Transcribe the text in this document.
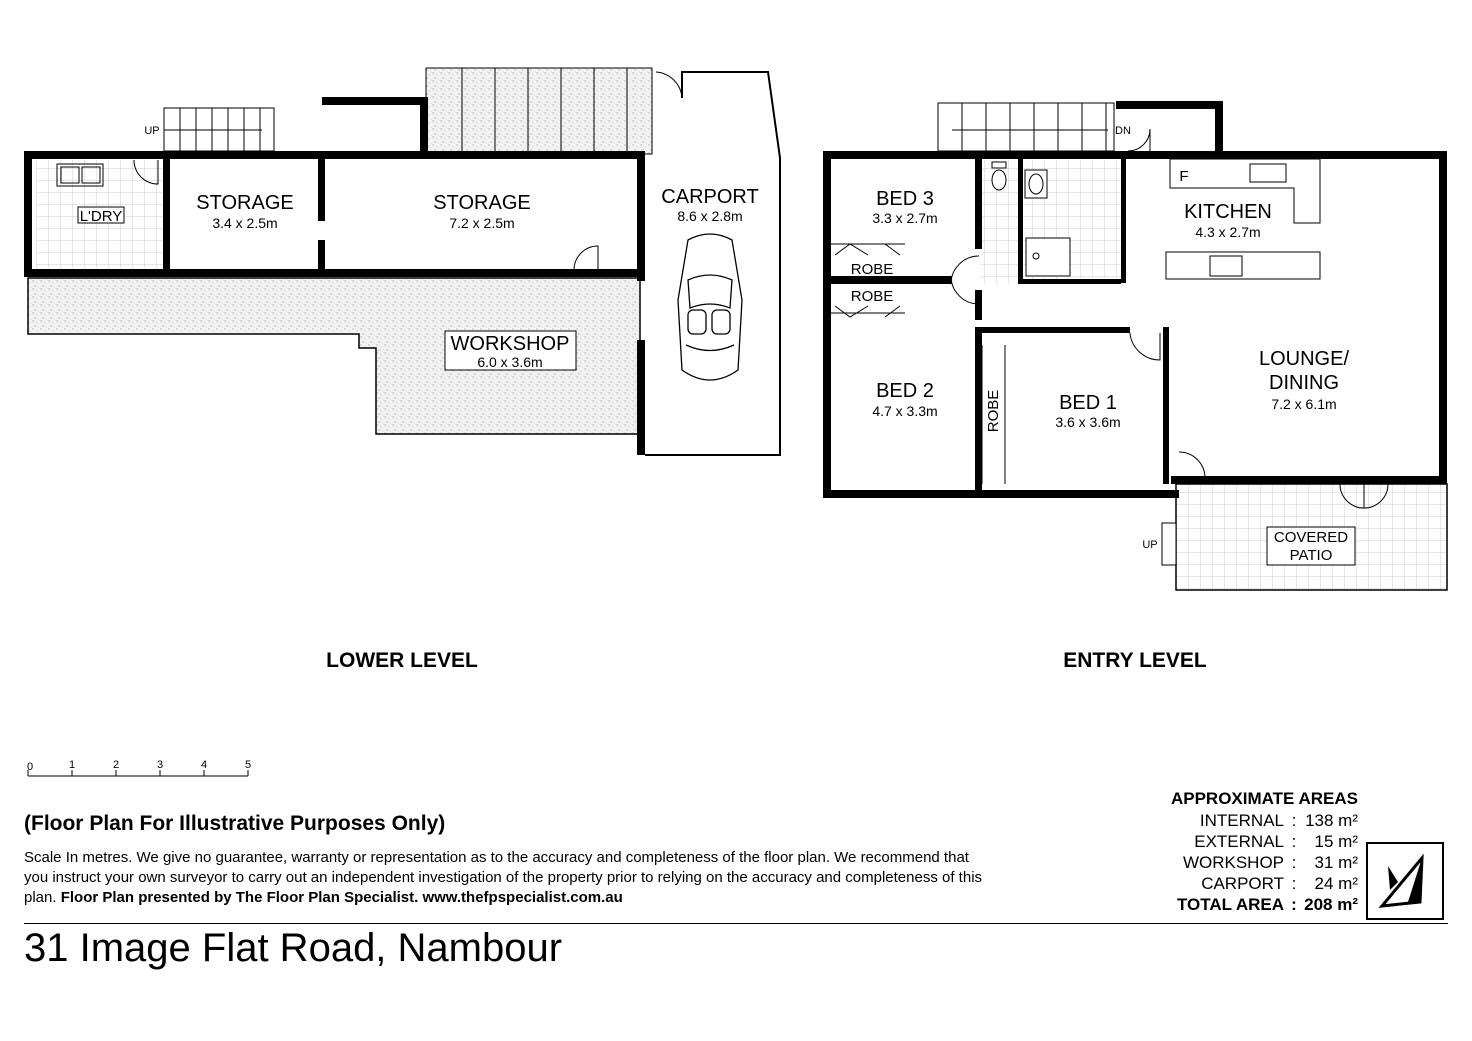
UP
L'DRY
STORAGE
3.4 x 2.5m
STORAGE
7.2 x 2.5m
CARPORT
8.6 x 2.8m
WORKSHOP
6.0 x 3.6m
LOWER LEVEL
ROBE
ROBE
ROBE
F
DN
UP
BED 3
3.3 x 2.7m	KITCHEN
4.3 x 2.7m
BED 2
4.7 x 3.3m	BED 1
3.6 x 3.6m
LOUNGE/
DINING
7.2 x 6.1m
COVERED
PATIO
ENTRY LEVEL
0	1	2	3	4	5
(Floor Plan For Illustrative Purposes Only)
Scale In metres. We give no guarantee, warranty or representation as to the accuracy and completeness of the floor plan. We recommend that you instruct your own surveyor to carry out an independent investigation of the property prior to relying on the accuracy and completeness of this plan. Floor Plan presented by The Floor Plan Specialist. www.thefpspecialist.com.au
APPROXIMATE AREAS
INTERNAL : 138 m²
EXTERNAL :	15 m²
WORKSHOP :	31 m²
CARPORT :	24 m²
TOTAL AREA : 208 m²
31 Image Flat Road, Nambour
